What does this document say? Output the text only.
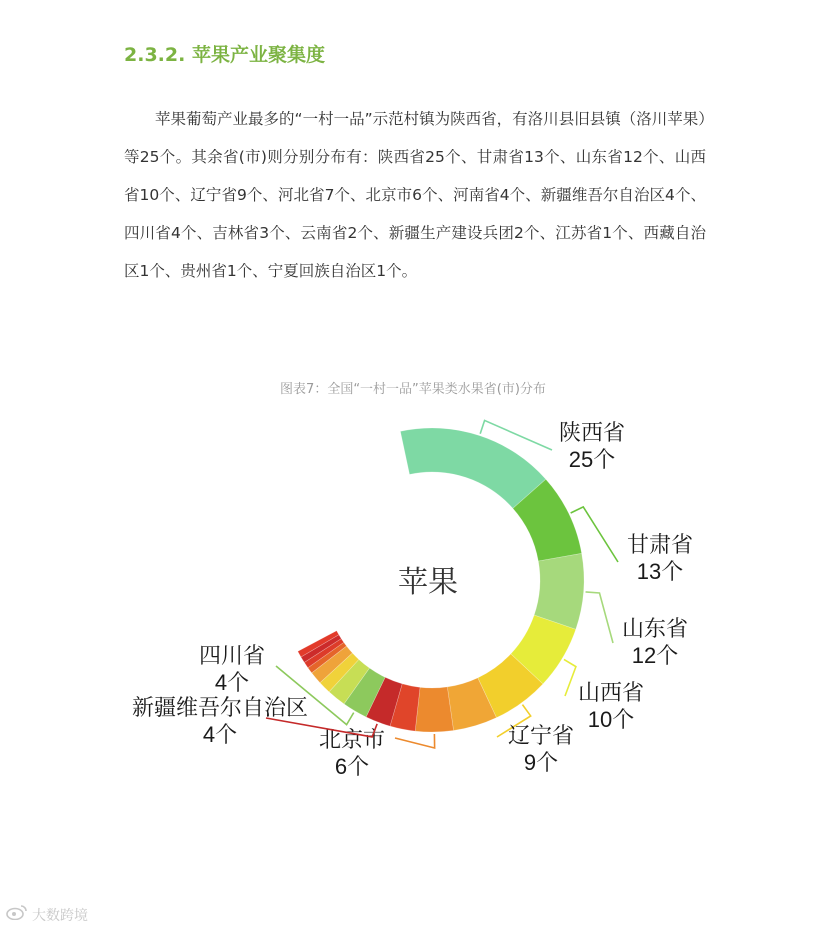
2.3.2. 苹果产业聚集度
苹果葡萄产业最多的“一村一品”示范村镇为陕西省，有洛川县旧县镇（洛川苹果）等25个。其余省(市)则分别分布有：陕西省25个、甘肃省13个、山东省12个、山西省10个、辽宁省9个、河北省7个、北京市6个、河南省4个、新疆维吾尔自治区4个、四川省4个、吉林省3个、云南省2个、新疆生产建设兵团2个、江苏省1个、西藏自治区1个、贵州省1个、宁夏回族自治区1个。
图表7：全国“一村一品”苹果类水果省(市)分布
陕西省
25个
甘肃省
13个
山东省
12个
山西省
10个
辽宁省
9个
北京市
6个
新疆维吾尔自治区
4个
四川省
4个
苹果
大数跨境
